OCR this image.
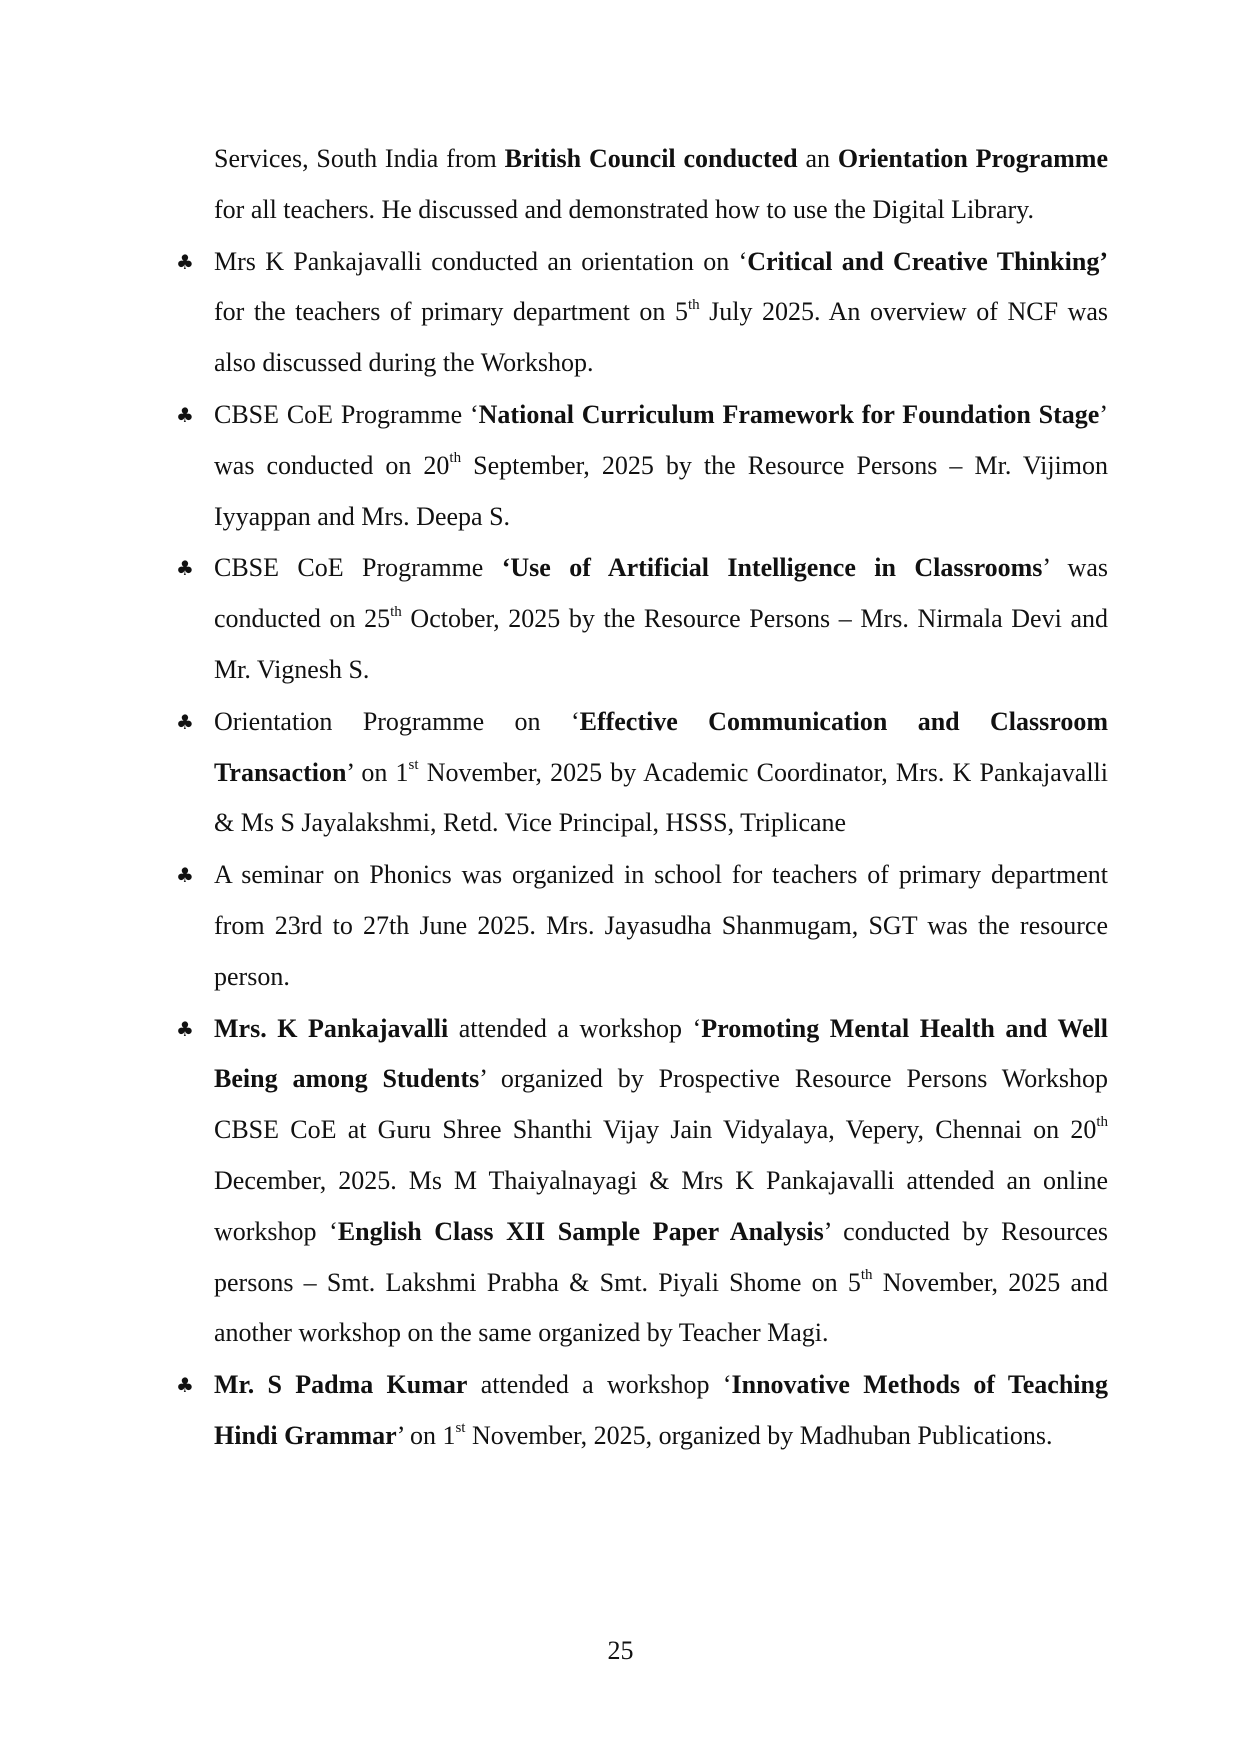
Services, South India from British Council conducted an Orientation Programme for all teachers. He discussed and demonstrated how to use the Digital Library.

♣ Mrs K Pankajavalli conducted an orientation on ‘Critical and Creative Thinking’ for the teachers of primary department on 5th July 2025. An overview of NCF was also discussed during the Workshop.

♣ CBSE CoE Programme ‘National Curriculum Framework for Foundation Stage’ was conducted on 20th September, 2025 by the Resource Persons – Mr. Vijimon Iyyappan and Mrs. Deepa S.

♣ CBSE CoE Programme ‘Use of Artificial Intelligence in Classrooms’ was conducted on 25th October, 2025 by the Resource Persons – Mrs. Nirmala Devi and Mr. Vignesh S.

♣ Orientation Programme on ‘Effective Communication and Classroom Transaction’ on 1st November, 2025 by Academic Coordinator, Mrs. K Pankajavalli & Ms S Jayalakshmi, Retd. Vice Principal, HSSS, Triplicane

♣ A seminar on Phonics was organized in school for teachers of primary department from 23rd to 27th June 2025. Mrs. Jayasudha Shanmugam, SGT was the resource person.

♣ Mrs. K Pankajavalli attended a workshop ‘Promoting Mental Health and Well Being among Students’ organized by Prospective Resource Persons Workshop CBSE CoE at Guru Shree Shanthi Vijay Jain Vidyalaya, Vepery, Chennai on 20th December, 2025. Ms M Thaiyalnayagi & Mrs K Pankajavalli attended an online workshop ‘English Class XII Sample Paper Analysis’ conducted by Resources persons – Smt. Lakshmi Prabha & Smt. Piyali Shome on 5th November, 2025 and another workshop on the same organized by Teacher Magi.

♣ Mr. S Padma Kumar attended a workshop ‘Innovative Methods of Teaching Hindi Grammar’ on 1st November, 2025, organized by Madhuban Publications.

25
